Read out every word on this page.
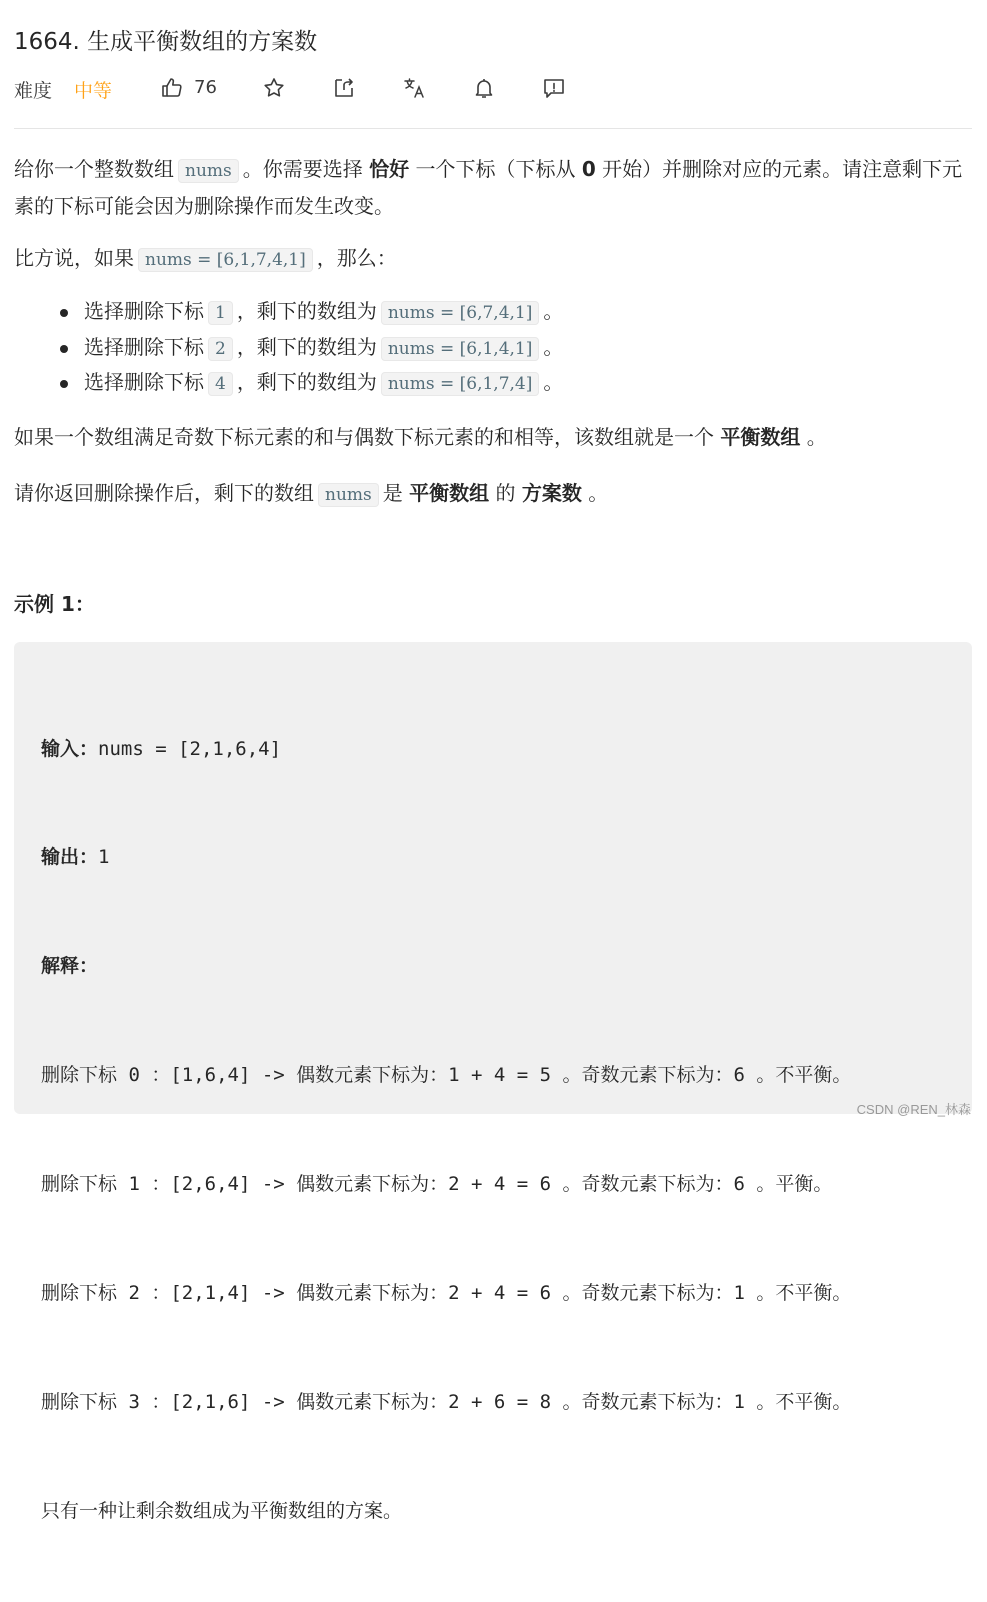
1664. 生成平衡数组的方案数
难度 中等	76
给你一个整数数组 nums 。你需要选择 恰好 一个下标（下标从 0 开始）并删除对应的元素。请注意剩下元素的下标可能会因为删除操作而发生改变。
比方说，如果 nums = [6,1,7,4,1] ，那么：
选择删除下标 1 ，剩下的数组为 nums = [6,7,4,1] 。
选择删除下标 2 ，剩下的数组为 nums = [6,1,4,1] 。
选择删除下标 4 ，剩下的数组为 nums = [6,1,7,4] 。
如果一个数组满足奇数下标元素的和与偶数下标元素的和相等，该数组就是一个 平衡数组 。
请你返回删除操作后，剩下的数组 nums 是 平衡数组 的 方案数 。
示例 1：

输入：nums = [2,1,6,4]

输出：1

解释：

删除下标 0 ：[1,6,4] -> 偶数元素下标为：1 + 4 = 5 。奇数元素下标为：6 。不平衡。

删除下标 1 ：[2,6,4] -> 偶数元素下标为：2 + 4 = 6 。奇数元素下标为：6 。平衡。

删除下标 2 ：[2,1,4] -> 偶数元素下标为：2 + 4 = 6 。奇数元素下标为：1 。不平衡。

删除下标 3 ：[2,1,6] -> 偶数元素下标为：2 + 6 = 8 。奇数元素下标为：1 。不平衡。

只有一种让剩余数组成为平衡数组的方案。

CSDN @REN_林森
